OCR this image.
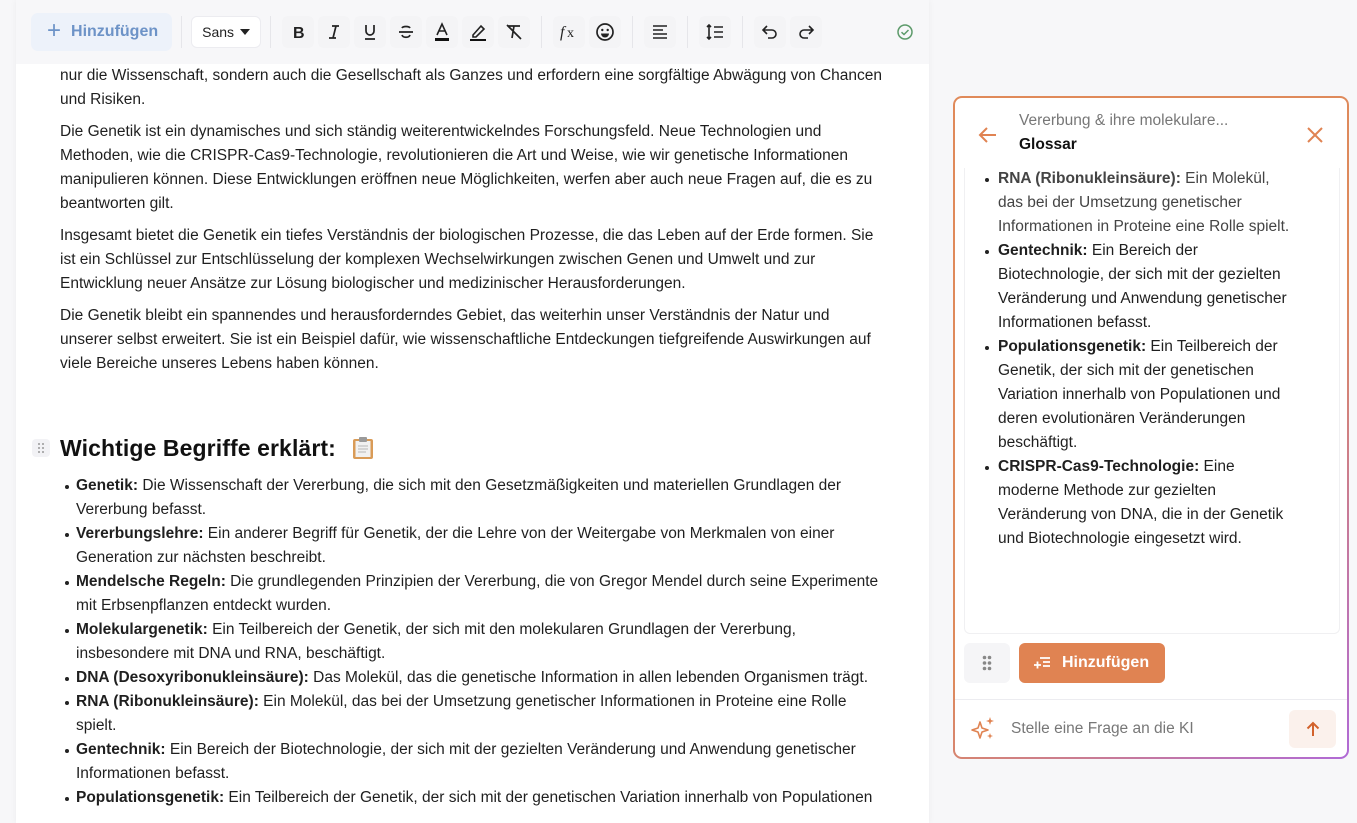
+ Hinzufügen	Sans	B	f x

nur die Wissenschaft, sondern auch die Gesellschaft als Ganzes und erfordern eine sorgfältige Abwägung von Chancen und Risiken.

Die Genetik ist ein dynamisches und sich ständig weiterentwickelndes Forschungsfeld. Neue Technologien und Methoden, wie die CRISPR-Cas9-Technologie, revolutionieren die Art und Weise, wie wir genetische Informationen manipulieren können. Diese Entwicklungen eröffnen neue Möglichkeiten, werfen aber auch neue Fragen auf, die es zu beantworten gilt.

Insgesamt bietet die Genetik ein tiefes Verständnis der biologischen Prozesse, die das Leben auf der Erde formen. Sie ist ein Schlüssel zur Entschlüsselung der komplexen Wechselwirkungen zwischen Genen und Umwelt und zur Entwicklung neuer Ansätze zur Lösung biologischer und medizinischer Herausforderungen.

Die Genetik bleibt ein spannendes und herausforderndes Gebiet, das weiterhin unser Verständnis der Natur und unserer selbst erweitert. Sie ist ein Beispiel dafür, wie wissenschaftliche Entdeckungen tiefgreifende Auswirkungen auf viele Bereiche unseres Lebens haben können.

Wichtige Begriffe erklärt:
Genetik: Die Wissenschaft der Vererbung, die sich mit den Gesetzmäßigkeiten und materiellen Grundlagen der Vererbung befasst.
Vererbungslehre: Ein anderer Begriff für Genetik, der die Lehre von der Weitergabe von Merkmalen von einer Generation zur nächsten beschreibt.
Mendelsche Regeln: Die grundlegenden Prinzipien der Vererbung, die von Gregor Mendel durch seine Experimente mit Erbsenpflanzen entdeckt wurden.
Molekulargenetik: Ein Teilbereich der Genetik, der sich mit den molekularen Grundlagen der Vererbung, insbesondere mit DNA und RNA, beschäftigt.
DNA (Desoxyribonukleinsäure): Das Molekül, das die genetische Information in allen lebenden Organismen trägt.
RNA (Ribonukleinsäure): Ein Molekül, das bei der Umsetzung genetischer Informationen in Proteine eine Rolle spielt.
Gentechnik: Ein Bereich der Biotechnologie, der sich mit der gezielten Veränderung und Anwendung genetischer Informationen befasst.
Populationsgenetik: Ein Teilbereich der Genetik, der sich mit der genetischen Variation innerhalb von Populationen
Vererbung & ihre molekulare...
Glossar
RNA (Ribonukleinsäure): Ein Molekül, das bei der Umsetzung genetischer Informationen in Proteine eine Rolle spielt.
Gentechnik: Ein Bereich der Biotechnologie, der sich mit der gezielten Veränderung und Anwendung genetischer Informationen befasst.
Populationsgenetik: Ein Teilbereich der Genetik, der sich mit der genetischen Variation innerhalb von Populationen und deren evolutionären Veränderungen beschäftigt.
CRISPR-Cas9-Technologie: Eine moderne Methode zur gezielten Veränderung von DNA, die in der Genetik und Biotechnologie eingesetzt wird.
Hinzufügen
Stelle eine Frage an die KI
